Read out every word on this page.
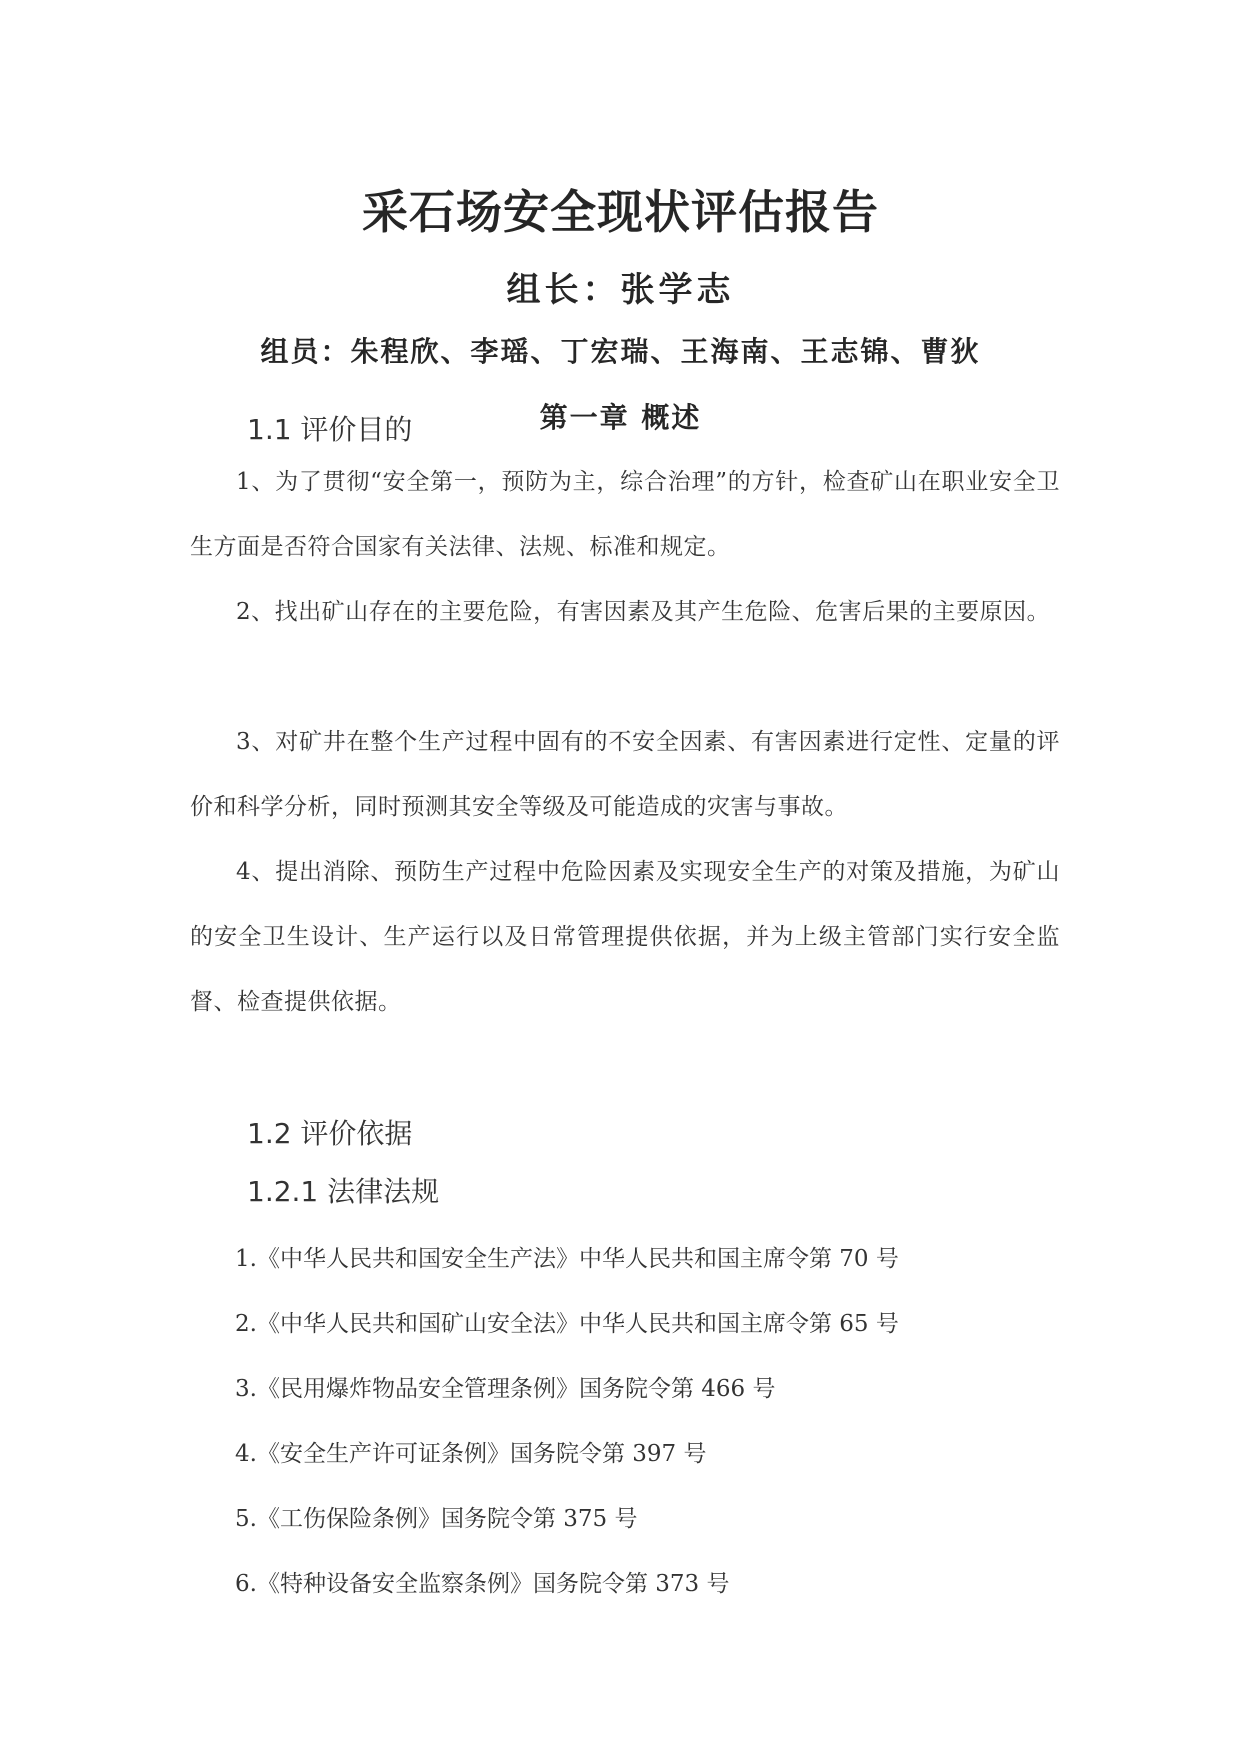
采石场安全现状评估报告
组长：张学志
组员：朱程欣、李瑶、丁宏瑞、王海南、王志锦、曹狄
第一章 概述
1.1 评价目的
1、为了贯彻“安全第一，预防为主，综合治理”的方针，检查矿山在职业安全卫生方面是否符合国家有关法律、法规、标准和规定。
2、找出矿山存在的主要危险，有害因素及其产生危险、危害后果的主要原因。
3、对矿井在整个生产过程中固有的不安全因素、有害因素进行定性、定量的评价和科学分析，同时预测其安全等级及可能造成的灾害与事故。
4、提出消除、预防生产过程中危险因素及实现安全生产的对策及措施，为矿山的安全卫生设计、生产运行以及日常管理提供依据，并为上级主管部门实行安全监督、检查提供依据。
1.2 评价依据
1.2.1 法律法规
1.《中华人民共和国安全生产法》中华人民共和国主席令第 70 号
2.《中华人民共和国矿山安全法》中华人民共和国主席令第 65 号
3.《民用爆炸物品安全管理条例》国务院令第 466 号
4.《安全生产许可证条例》国务院令第 397 号
5.《工伤保险条例》国务院令第 375 号
6.《特种设备安全监察条例》国务院令第 373 号
